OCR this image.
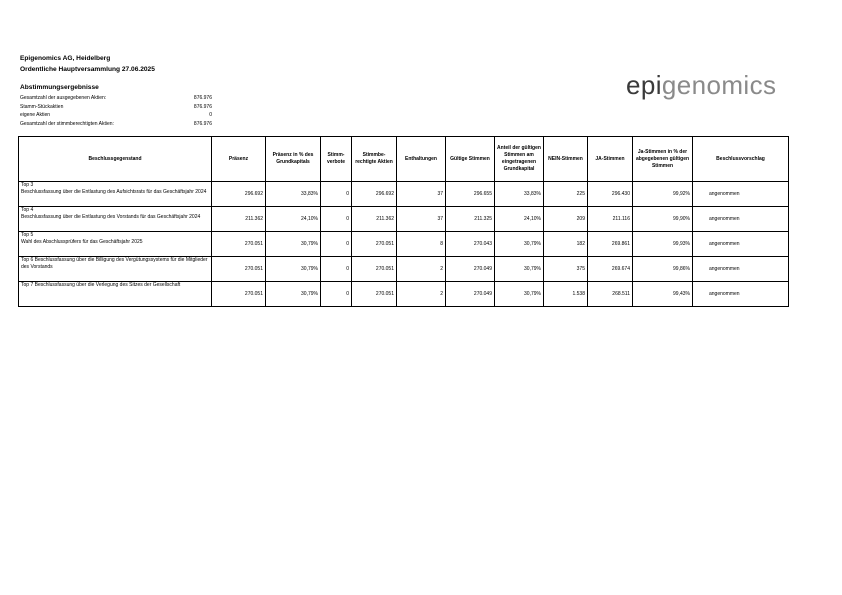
Epigenomics AG, Heidelberg
Ordentliche Hauptversammlung 27.06.2025
Abstimmungsergebnisse
Gesamtzahl der ausgegebenen Aktien:	876.976
Stamm-Stückaktien	876.976
eigene Aktien	0
Gesamtzahl der stimmberechtigten Aktien:	876.976
epigenomics
Beschlussgegenstand	Präsenz	Präsenz in % des Grundkapitals	Stimm-verbote	Stimmbe-rechtigte Aktien	Enthaltungen	Gültige Stimmen	Anteil der gültigen Stimmen am eingetragenen Grundkapital	NEIN-Stimmen	JA-Stimmen	Ja-Stimmen in % der abgegebenen gültigen Stimmen	Beschlussvorschlag

Top 3
Beschlussfassung über die Entlastung des Aufsichtsrats für das Geschäftsjahr 2024	296.692	33,83%	0	296.692	37	296.655	33,83%	225	296.430	99,92%	angenommen

Top 4
Beschlussfassung über die Entlastung des Vorstands für das Geschäftsjahr 2024	211.362	24,10%	0	211.362	37	211.325	24,10%	209	211.116	99,90%	angenommen

Top 5
Wahl des Abschlussprüfers für das Geschäftsjahr 2025	270.051	30,79%	0	270.051	8	270.043	30,79%	182	269.861	99,93%	angenommen

Top 6 Beschlussfassung über die Billigung des Vergütungssystems für die Mitglieder des Vorstands	270.051	30,79%	0	270.051	2	270.049	30,79%	375	269.674	99,86%	angenommen

Top 7 Beschlussfassung über die Verlegung des Sitzes der Gesellschaft	270.051	30,79%	0	270.051	2	270.049	30,79%	1.538	268.511	99,43%	angenommen
